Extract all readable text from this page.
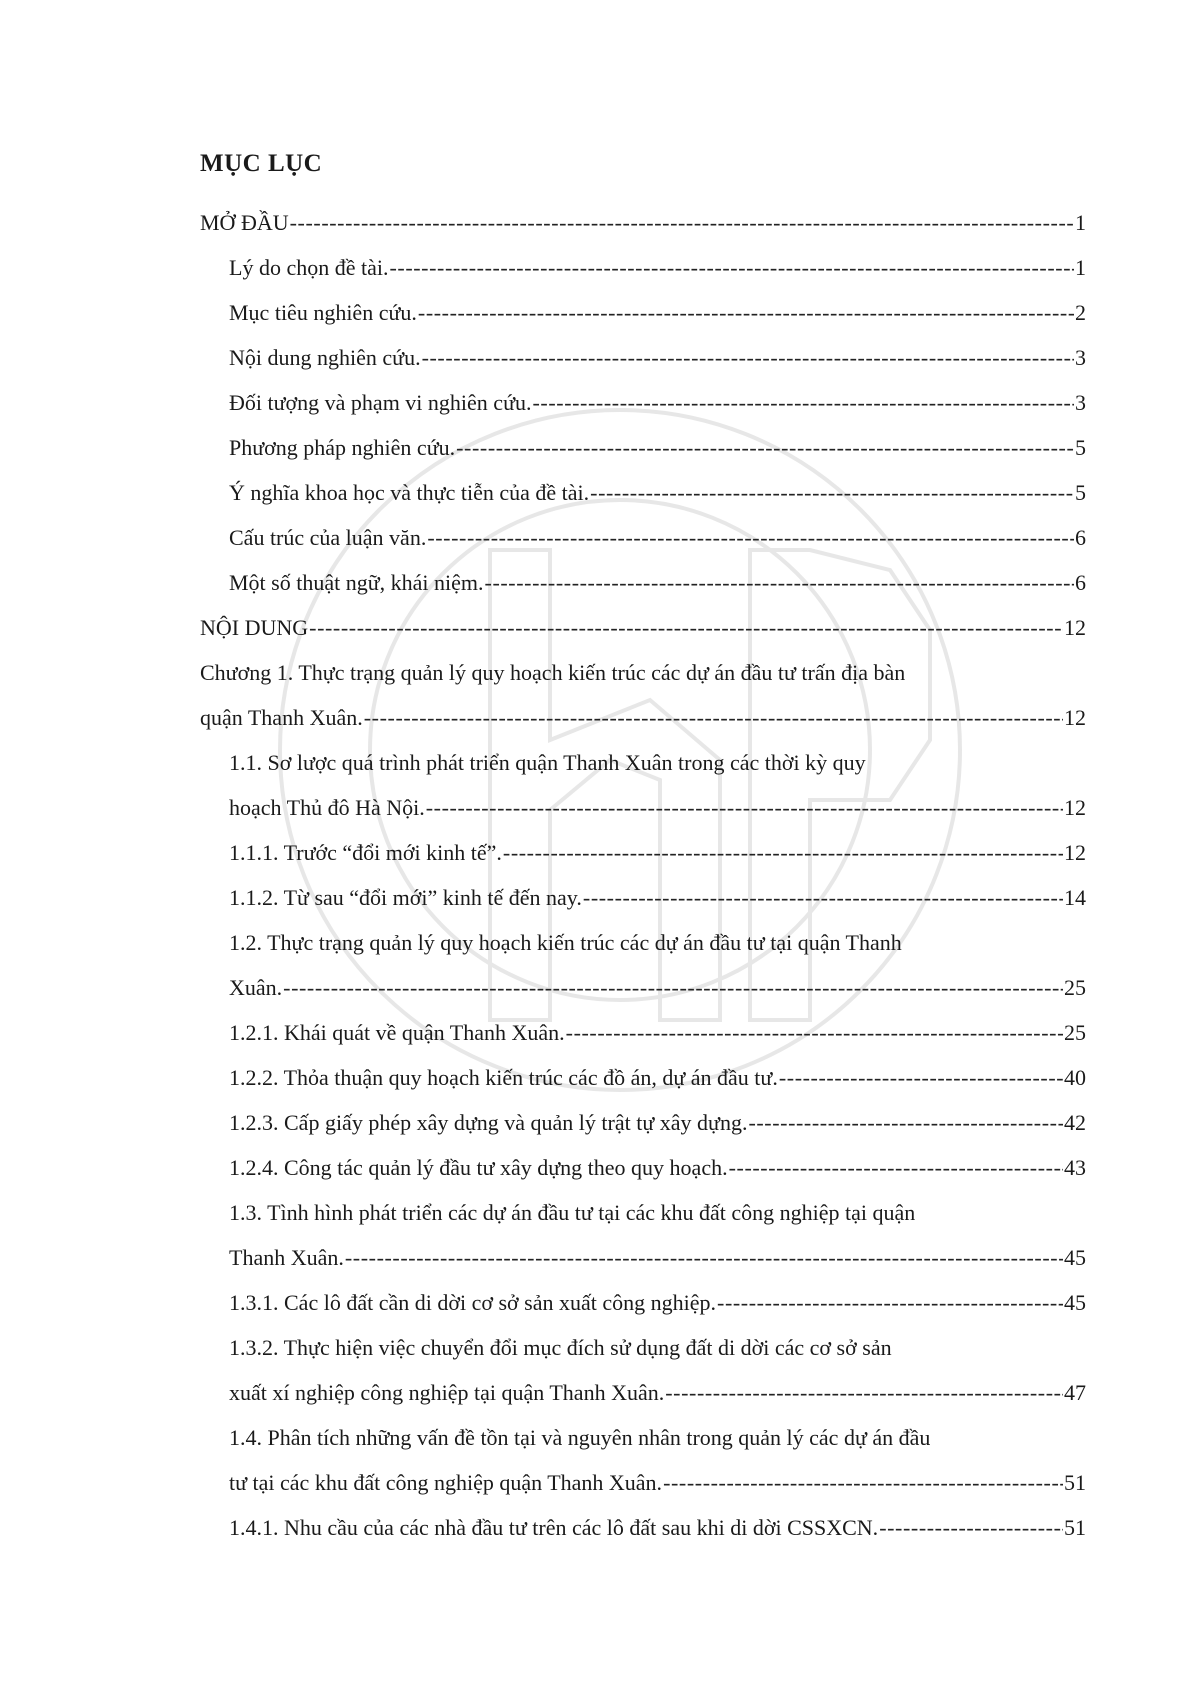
MỤC LỤC
MỞ ĐẦU -----	1
Lý do chọn đề tài. -----	1
Mục tiêu nghiên cứu. -----	2
Nội dung nghiên cứu. -----	3
Đối tượng và phạm vi nghiên cứu. -----	3
Phương pháp nghiên cứu. -----	5
Ý nghĩa khoa học và thực tiễn của đề tài. -----	5
Cấu trúc của luận văn. -----	6
Một số thuật ngữ, khái niệm. -----	6
NỘI DUNG -----	12
Chương 1. Thực trạng quản lý quy hoạch kiến trúc các dự án đầu tư trấn địa bàn
quận Thanh Xuân. -----	12
1.1. Sơ lược quá trình phát triển quận Thanh Xuân trong các thời kỳ quy
hoạch Thủ đô Hà Nội. -----	12
1.1.1. Trước “đổi mới kinh tế”. -----	12
1.1.2. Từ sau “đổi mới” kinh tế đến nay. -----	14
1.2. Thực trạng quản lý quy hoạch kiến trúc các dự án đầu tư tại quận Thanh
Xuân. -----	25
1.2.1. Khái quát về quận Thanh Xuân. -----	25
1.2.2. Thỏa thuận quy hoạch kiến trúc các đồ án, dự án đầu tư. -----	40
1.2.3. Cấp giấy phép xây dựng và quản lý trật tự xây dựng. -----	42
1.2.4. Công tác quản lý đầu tư xây dựng theo quy hoạch. -----	43
1.3. Tình hình phát triển các dự án đầu tư tại các khu đất công nghiệp tại quận
Thanh Xuân. -----	45
1.3.1. Các lô đất cần di dời cơ sở sản xuất công nghiệp. -----	45
1.3.2. Thực hiện việc chuyển đổi mục đích sử dụng đất di dời các cơ sở sản
xuất xí nghiệp công nghiệp tại quận Thanh Xuân. -----	47
1.4. Phân tích những vấn đề tồn tại và nguyên nhân trong quản lý các dự án đầu
tư tại các khu đất công nghiệp quận Thanh Xuân. -----	51
1.4.1. Nhu cầu của các nhà đầu tư trên các lô đất sau khi di dời CSSXCN. -----	51
